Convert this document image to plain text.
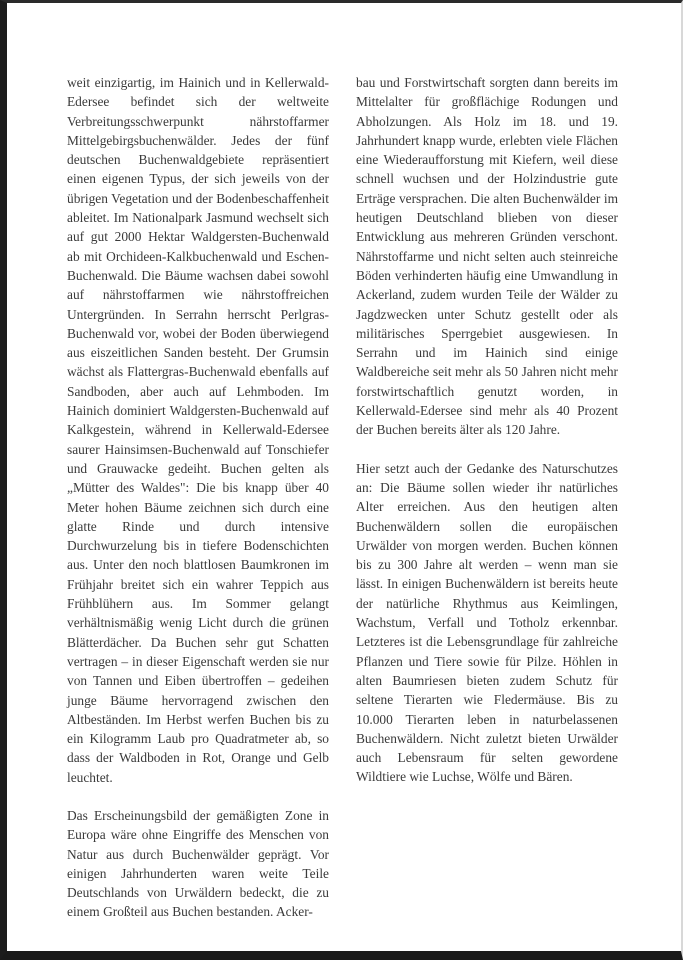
weit einzigartig, im Hainich und in Kellerwald-Edersee befindet sich der weltweite Verbreitungsschwerpunkt nährstoffarmer Mittelgebirgsbuchenwälder. Jedes der fünf deutschen Buchenwaldgebiete repräsentiert einen eigenen Typus, der sich jeweils von der übrigen Vegetation und der Bodenbeschaffenheit ableitet. Im Nationalpark Jasmund wechselt sich auf gut 2000 Hektar Waldgersten-Buchenwald ab mit Orchideen-Kalkbuchenwald und Eschen-Buchenwald. Die Bäume wachsen dabei sowohl auf nährstoffarmen wie nährstoffreichen Untergründen. In Serrahn herrscht Perlgras-Buchenwald vor, wobei der Boden überwiegend aus eiszeitlichen Sanden besteht. Der Grumsin wächst als Flattergras-Buchenwald ebenfalls auf Sandboden, aber auch auf Lehmboden. Im Hainich dominiert Waldgersten-Buchenwald auf Kalkgestein, während in Kellerwald-Edersee saurer Hainsimsen-Buchenwald auf Tonschiefer und Grauwacke gedeiht. Buchen gelten als „Mütter des Waldes": Die bis knapp über 40 Meter hohen Bäume zeichnen sich durch eine glatte Rinde und durch intensive Durchwurzelung bis in tiefere Bodenschichten aus. Unter den noch blattlosen Baumkronen im Frühjahr breitet sich ein wahrer Teppich aus Frühblühern aus. Im Sommer gelangt verhältnismäßig wenig Licht durch die grünen Blätterdächer. Da Buchen sehr gut Schatten vertragen – in dieser Eigenschaft werden sie nur von Tannen und Eiben übertroffen – gedeihen junge Bäume hervorragend zwischen den Altbeständen. Im Herbst werfen Buchen bis zu ein Kilogramm Laub pro Quadratmeter ab, so dass der Waldboden in Rot, Orange und Gelb leuchtet.

Das Erscheinungsbild der gemäßigten Zone in Europa wäre ohne Eingriffe des Menschen von Natur aus durch Buchenwälder geprägt. Vor einigen Jahrhunderten waren weite Teile Deutschlands von Urwäldern bedeckt, die zu einem Großteil aus Buchen bestanden. Acker-

bau und Forstwirtschaft sorgten dann bereits im Mittelalter für großflächige Rodungen und Abholzungen. Als Holz im 18. und 19. Jahrhundert knapp wurde, erlebten viele Flächen eine Wiederaufforstung mit Kiefern, weil diese schnell wuchsen und der Holzindustrie gute Erträge versprachen. Die alten Buchenwälder im heutigen Deutschland blieben von dieser Entwicklung aus mehreren Gründen verschont. Nährstoffarme und nicht selten auch steinreiche Böden verhinderten häufig eine Umwandlung in Ackerland, zudem wurden Teile der Wälder zu Jagdzwecken unter Schutz gestellt oder als militärisches Sperrgebiet ausgewiesen. In Serrahn und im Hainich sind einige Waldbereiche seit mehr als 50 Jahren nicht mehr forstwirtschaftlich genutzt worden, in Kellerwald-Edersee sind mehr als 40 Prozent der Buchen bereits älter als 120 Jahre.

Hier setzt auch der Gedanke des Naturschutzes an: Die Bäume sollen wieder ihr natürliches Alter erreichen. Aus den heutigen alten Buchenwäldern sollen die europäischen Urwälder von morgen werden. Buchen können bis zu 300 Jahre alt werden – wenn man sie lässt. In einigen Buchenwäldern ist bereits heute der natürliche Rhythmus aus Keimlingen, Wachstum, Verfall und Totholz erkennbar. Letzteres ist die Lebensgrundlage für zahlreiche Pflanzen und Tiere sowie für Pilze. Höhlen in alten Baumriesen bieten zudem Schutz für seltene Tierarten wie Fledermäuse. Bis zu 10.000 Tierarten leben in naturbelassenen Buchenwäldern. Nicht zuletzt bieten Urwälder auch Lebensraum für selten gewordene Wildtiere wie Luchse, Wölfe und Bären.
